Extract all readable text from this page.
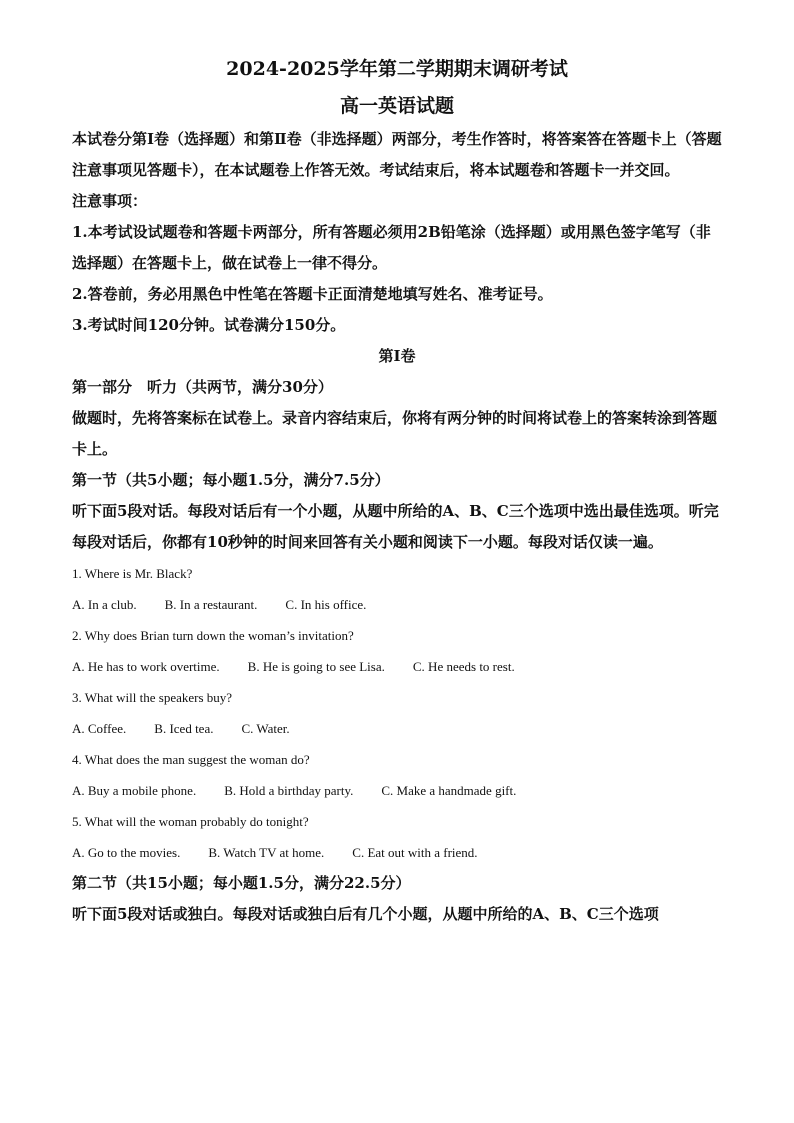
2024-2025学年第二学期期末调研考试
高一英语试题

本试卷分第Ⅰ卷（选择题）和第Ⅱ卷（非选择题）两部分，考生作答时，将答案答在答题卡上（答题注意事项见答题卡），在本试题卷上作答无效。考试结束后，将本试题卷和答题卡一并交回。

注意事项：

1.本考试设试题卷和答题卡两部分，所有答题必须用2B铅笔涂（选择题）或用黑色签字笔写（非选择题）在答题卡上，做在试卷上一律不得分。

2.答卷前，务必用黑色中性笔在答题卡正面清楚地填写姓名、准考证号。

3.考试时间120分钟。试卷满分150分。

第Ⅰ卷

第一部分　听力（共两节，满分30分）

做题时，先将答案标在试卷上。录音内容结束后，你将有两分钟的时间将试卷上的答案转涂到答题卡上。

第一节（共5小题；每小题1.5分，满分7.5分）

听下面5段对话。每段对话后有一个小题，从题中所给的A、B、C三个选项中选出最佳选项。听完每段对话后，你都有10秒钟的时间来回答有关小题和阅读下一小题。每段对话仅读一遍。

1. Where is Mr. Black?

A. In a club. B. In a restaurant. C. In his office.

2. Why does Brian turn down the woman’s invitation?

A. He has to work overtime. B. He is going to see Lisa. C. He needs to rest.

3. What will the speakers buy?

A. Coffee. B. Iced tea. C. Water.

4. What does the man suggest the woman do?

A. Buy a mobile phone. B. Hold a birthday party. C. Make a handmade gift.

5. What will the woman probably do tonight?

A. Go to the movies. B. Watch TV at home. C. Eat out with a friend.

第二节（共15小题；每小题1.5分，满分22.5分）

听下面5段对话或独白。每段对话或独白后有几个小题，从题中所给的A、B、C三个选项
